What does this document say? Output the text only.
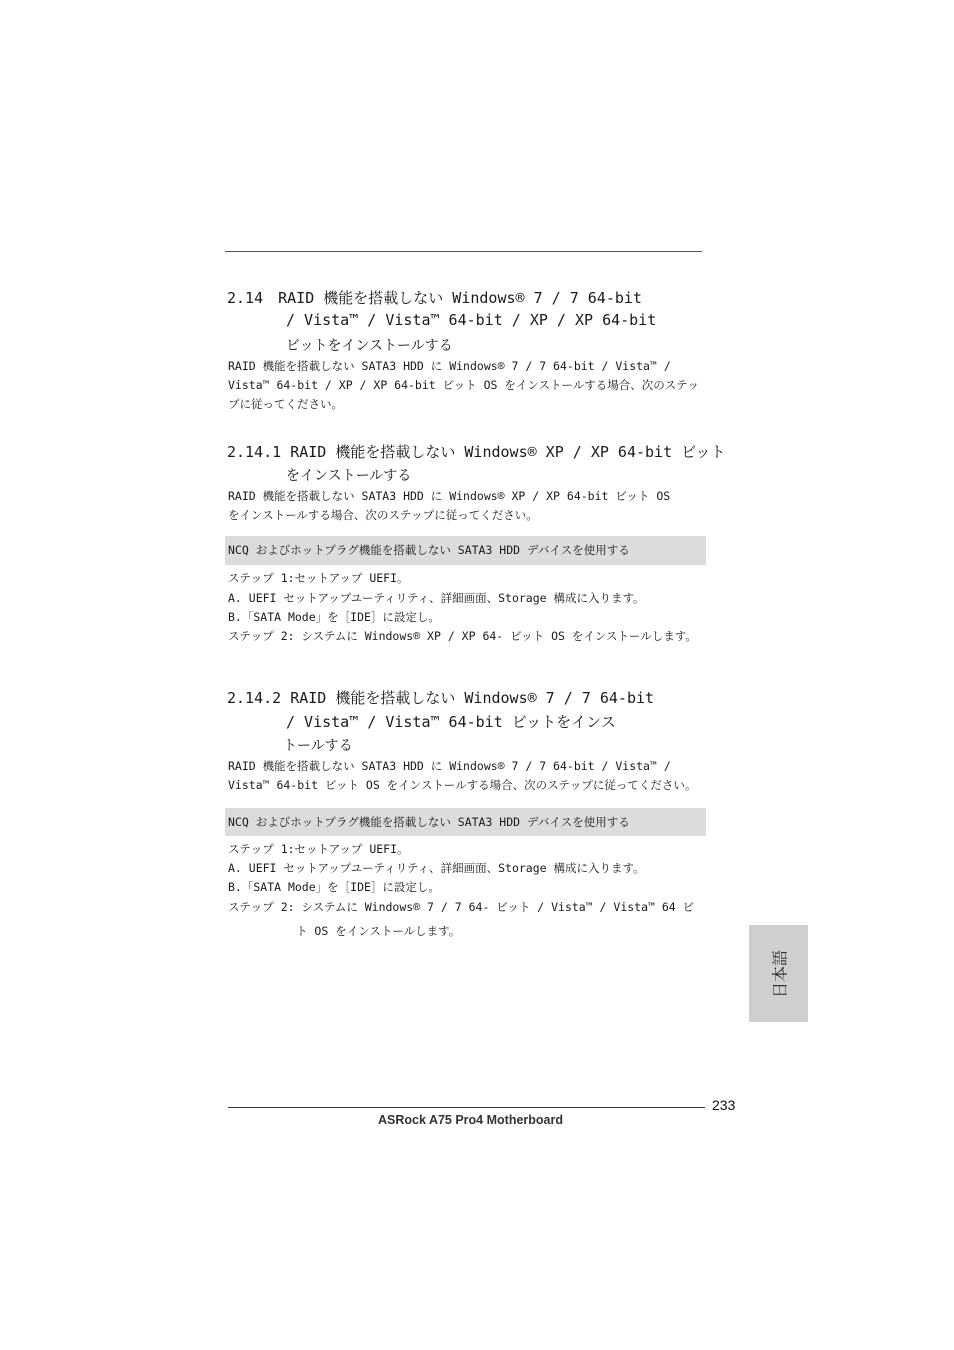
2.14　RAID 機能を搭載しない Windows® 7 / 7 64-bit
/ Vista™ / Vista™ 64-bit / XP / XP 64-bit
ビットをインストールする
RAID 機能を搭載しない SATA3 HDD に Windows® 7 / 7 64-bit / Vista™ /
Vista™ 64-bit / XP / XP 64-bit ビット OS をインストールする場合、次のステッ
プに従ってください。
2.14.1 RAID 機能を搭載しない Windows® XP / XP 64-bit ビット
をインストールする
RAID 機能を搭載しない SATA3 HDD に Windows® XP / XP 64-bit ビット OS
をインストールする場合、次のステップに従ってください。
NCQ およびホットプラグ機能を搭載しない SATA3 HDD デバイスを使用する
ステップ 1:セットアップ UEFI。
A. UEFI セットアップユーティリティ、詳細画面、Storage 構成に入ります。
B.「SATA Mode」を［IDE］に設定し。
ステップ 2: システムに Windows® XP / XP 64- ビット OS をインストールします。
2.14.2 RAID 機能を搭載しない Windows® 7 / 7 64-bit
/ Vista™ / Vista™ 64-bit ビットをインス
トールする
RAID 機能を搭載しない SATA3 HDD に Windows® 7 / 7 64-bit / Vista™ /
Vista™ 64-bit ビット OS をインストールする場合、次のステップに従ってください。
NCQ およびホットプラグ機能を搭載しない SATA3 HDD デバイスを使用する
ステップ 1:セットアップ UEFI。
A. UEFI セットアップユーティリティ、詳細画面、Storage 構成に入ります。
B.「SATA Mode」を［IDE］に設定し。
ステップ 2: システムに Windows® 7 / 7 64- ビット / Vista™ / Vista™ 64 ビ
ト OS をインストールします。
日本語
233
ASRock A75 Pro4 Motherboard
